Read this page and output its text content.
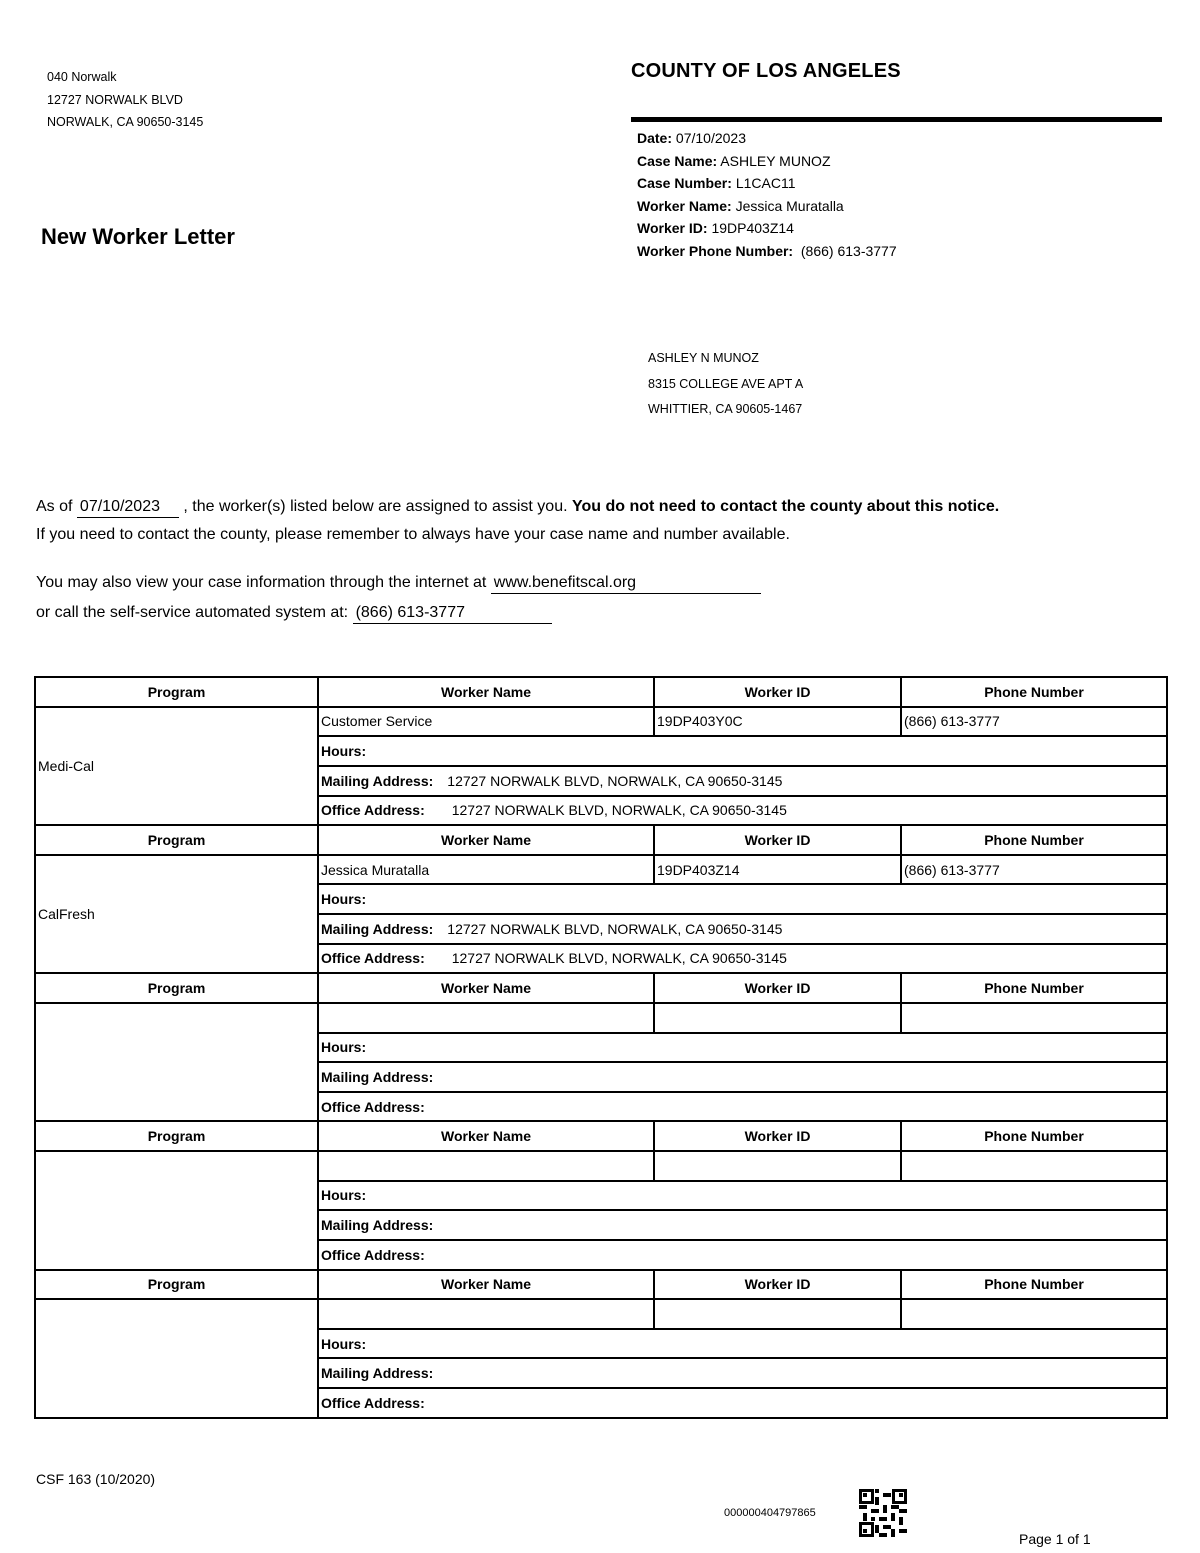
040 Norwalk
12727 NORWALK BLVD
NORWALK, CA 90650-3145
COUNTY OF LOS ANGELES
New Worker Letter
Date: 07/10/2023
Case Name: ASHLEY MUNOZ
Case Number: L1CAC11
Worker Name: Jessica Muratalla
Worker ID: 19DP403Z14
Worker Phone Number: (866) 613-3777
ASHLEY N MUNOZ
8315 COLLEGE AVE APT A
WHITTIER, CA 90605-1467
As of 07/10/2023 , the worker(s) listed below are assigned to assist you. You do not need to contact the county about this notice.
If you need to contact the county, please remember to always have your case name and number available.
You may also view your case information through the internet at www.benefitscal.org
or call the self-service automated system at: (866) 613-3777
Program	Worker Name	Worker ID	Phone Number
Medi-Cal	Customer Service	19DP403Y0C	(866) 613-3777
	Hours:		
	Mailing Address: 12727 NORWALK BLVD, NORWALK, CA 90650-3145		
	Office Address: 12727 NORWALK BLVD, NORWALK, CA 90650-3145		
Program	Worker Name	Worker ID	Phone Number
CalFresh	Jessica Muratalla	19DP403Z14	(866) 613-3777
	Hours:		
	Mailing Address: 12727 NORWALK BLVD, NORWALK, CA 90650-3145		
	Office Address: 12727 NORWALK BLVD, NORWALK, CA 90650-3145		
Program	Worker Name	Worker ID	Phone Number

	Hours:		
	Mailing Address:		
	Office Address:		
Program	Worker Name	Worker ID	Phone Number

	Hours:		
	Mailing Address:		
	Office Address:		
Program	Worker Name	Worker ID	Phone Number

	Hours:		
	Mailing Address:		
	Office Address:		
CSF 163 (10/2020)
000000404797865
Page 1 of 1
